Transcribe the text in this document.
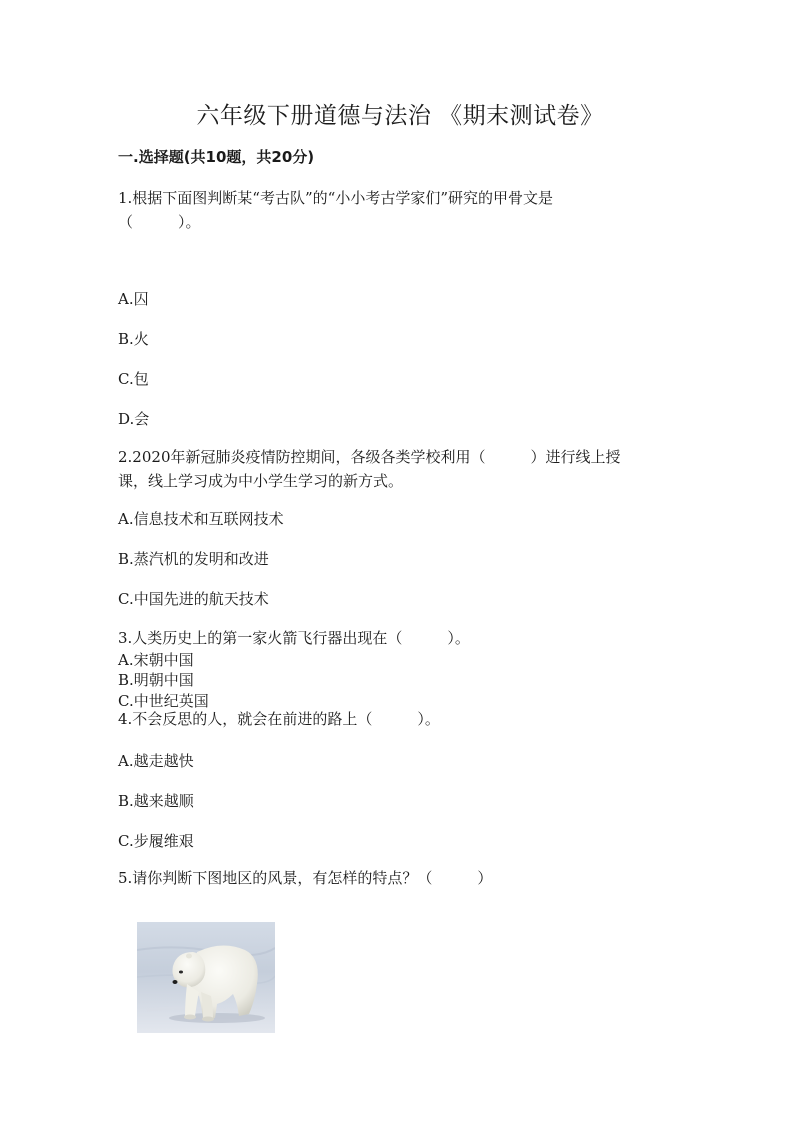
六年级下册道德与法治 《期末测试卷》
一.选择题(共10题，共20分)
1.根据下面图判断某“考古队”的“小小考古学家们”研究的甲骨文是
（　　　）。
A.囚
B.火
C.包
D.会
2.2020年新冠肺炎疫情防控期间，各级各类学校利用（　　　）进行线上授
课，线上学习成为中小学生学习的新方式。
A.信息技术和互联网技术
B.蒸汽机的发明和改进
C.中国先进的航天技术
3.人类历史上的第一家火箭飞行器出现在（　　　）。
A.宋朝中国
B.明朝中国
C.中世纪英国
4.不会反思的人，就会在前进的路上（　　　）。
A.越走越快
B.越来越顺
C.步履维艰
5.请你判断下图地区的风景，有怎样的特点？（　　　）
